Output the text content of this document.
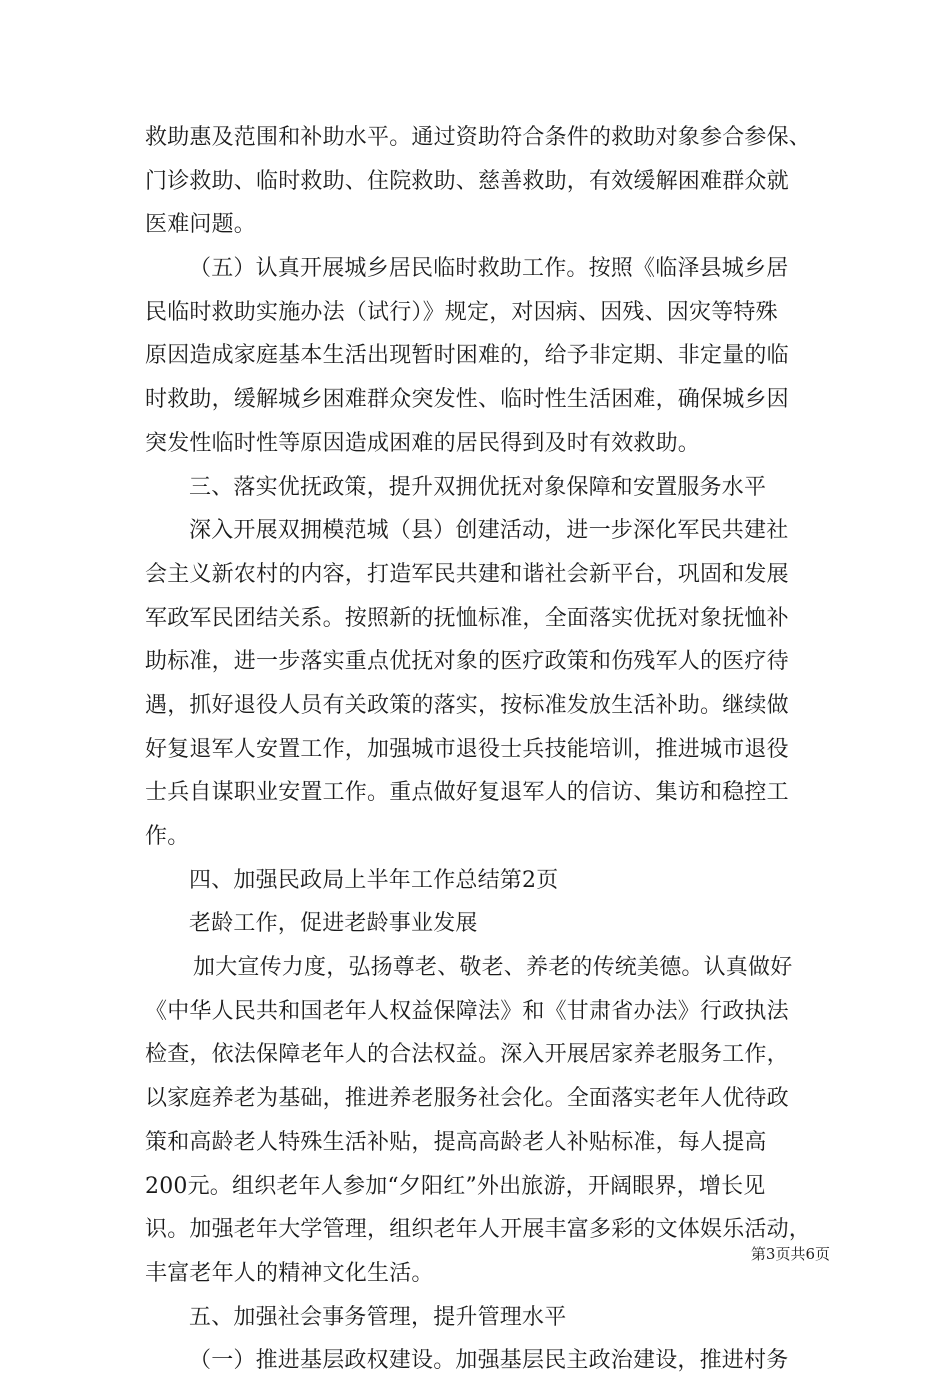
救助惠及范围和补助水平。通过资助符合条件的救助对象参合参保、
门诊救助、临时救助、住院救助、慈善救助，有效缓解困难群众就
医难问题。
（五）认真开展城乡居民临时救助工作。按照《临泽县城乡居
民临时救助实施办法（试行）》规定，对因病、因残、因灾等特殊
原因造成家庭基本生活出现暂时困难的，给予非定期、非定量的临
时救助，缓解城乡困难群众突发性、临时性生活困难，确保城乡因
突发性临时性等原因造成困难的居民得到及时有效救助。
三、落实优抚政策，提升双拥优抚对象保障和安置服务水平
深入开展双拥模范城（县）创建活动，进一步深化军民共建社
会主义新农村的内容，打造军民共建和谐社会新平台，巩固和发展
军政军民团结关系。按照新的抚恤标准，全面落实优抚对象抚恤补
助标准，进一步落实重点优抚对象的医疗政策和伤残军人的医疗待
遇，抓好退役人员有关政策的落实，按标准发放生活补助。继续做
好复退军人安置工作，加强城市退役士兵技能培训，推进城市退役
士兵自谋职业安置工作。重点做好复退军人的信访、集访和稳控工
作。
四、加强民政局上半年工作总结第2页
老龄工作，促进老龄事业发展
加大宣传力度，弘扬尊老、敬老、养老的传统美德。认真做好
《中华人民共和国老年人权益保障法》和《甘肃省办法》行政执法
检查，依法保障老年人的合法权益。深入开展居家养老服务工作，
以家庭养老为基础，推进养老服务社会化。全面落实老年人优待政
策和高龄老人特殊生活补贴，提高高龄老人补贴标准，每人提高
200元。组织老年人参加“夕阳红”外出旅游，开阔眼界，增长见
识。加强老年大学管理，组织老年人开展丰富多彩的文体娱乐活动，
丰富老年人的精神文化生活。
五、加强社会事务管理，提升管理水平
（一）推进基层政权建设。加强基层民主政治建设，推进村务
第3页共6页
